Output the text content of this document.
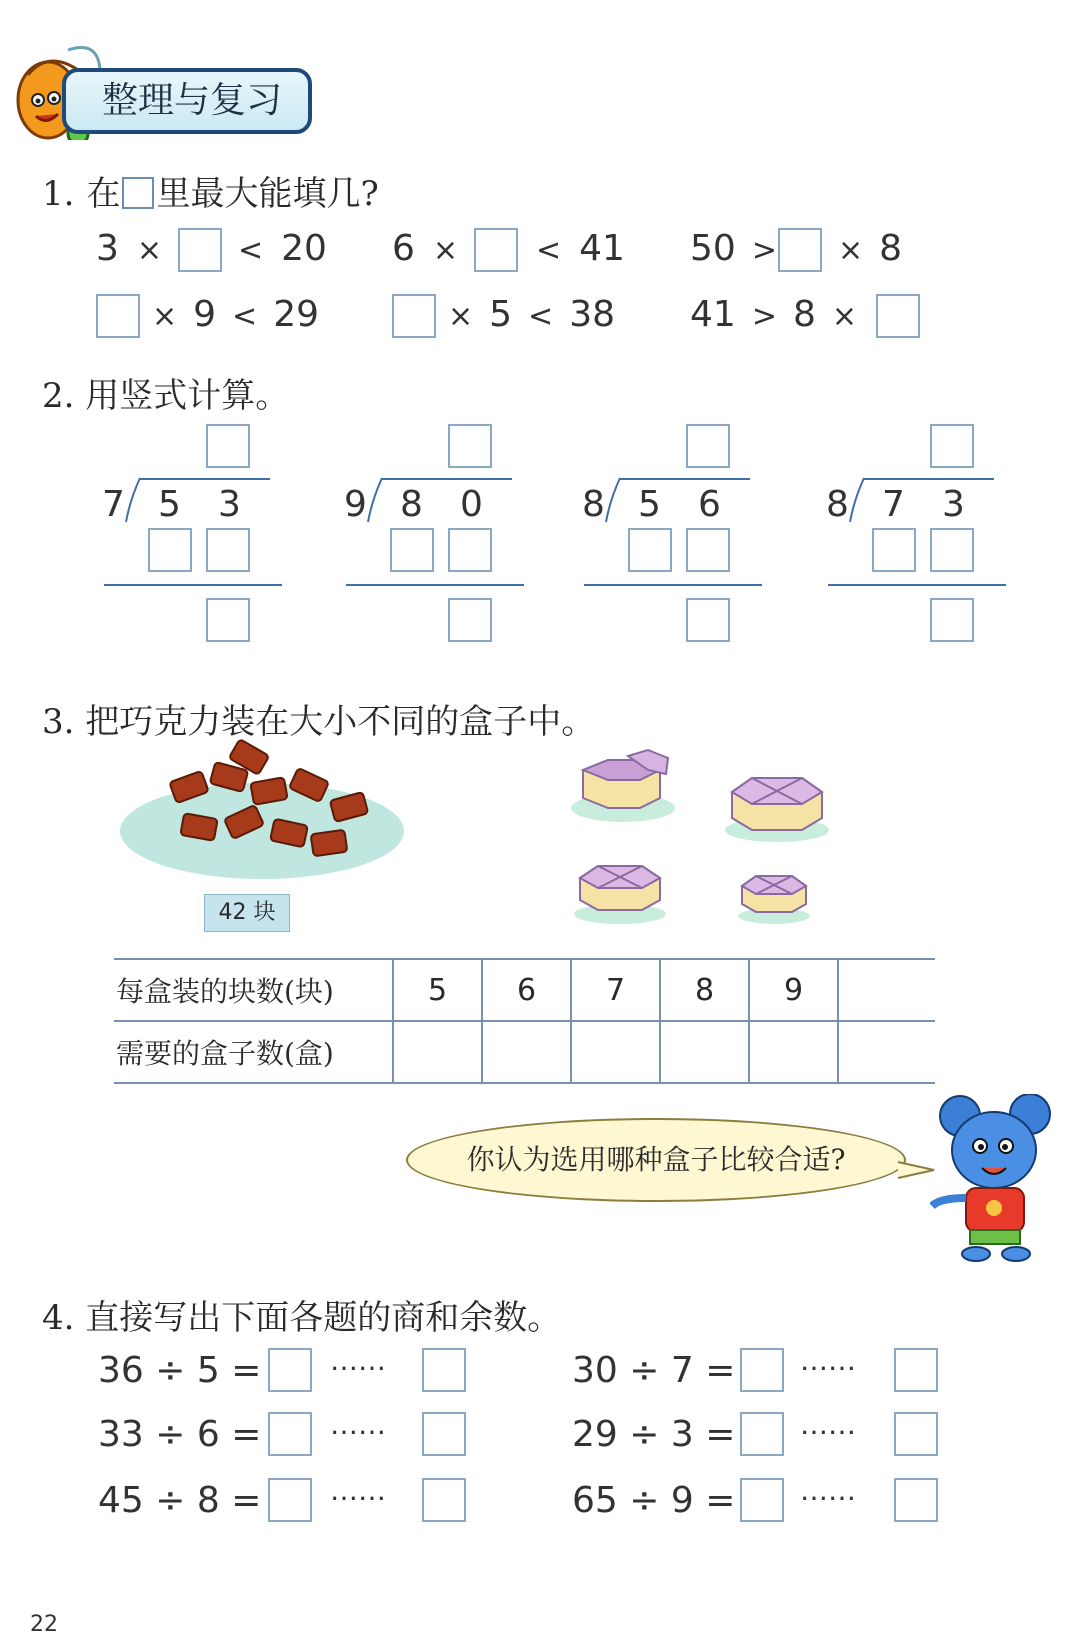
整理与复习
1. 在 里最大能填几?
3 ×	< 20 6 ×	< 41 50 > × 8
× 9 < 29	× 5 < 38 41 > 8 ×
2. 用竖式计算。
7 5 3	9 8 0	8 5 6	8 7 3
3. 把巧克力装在大小不同的盒子中。
42 块
每盒装的块数(块)	5	6	7	8	9	
需要的盒子数(盒)						
你认为选用哪种盒子比较合适?
4. 直接写出下面各题的商和余数。
36 ÷ 5 = ……	30 ÷ 7 = ……
33 ÷ 6 = ……	29 ÷ 3 = ……
45 ÷ 8 = ……	65 ÷ 9 = ……
22
